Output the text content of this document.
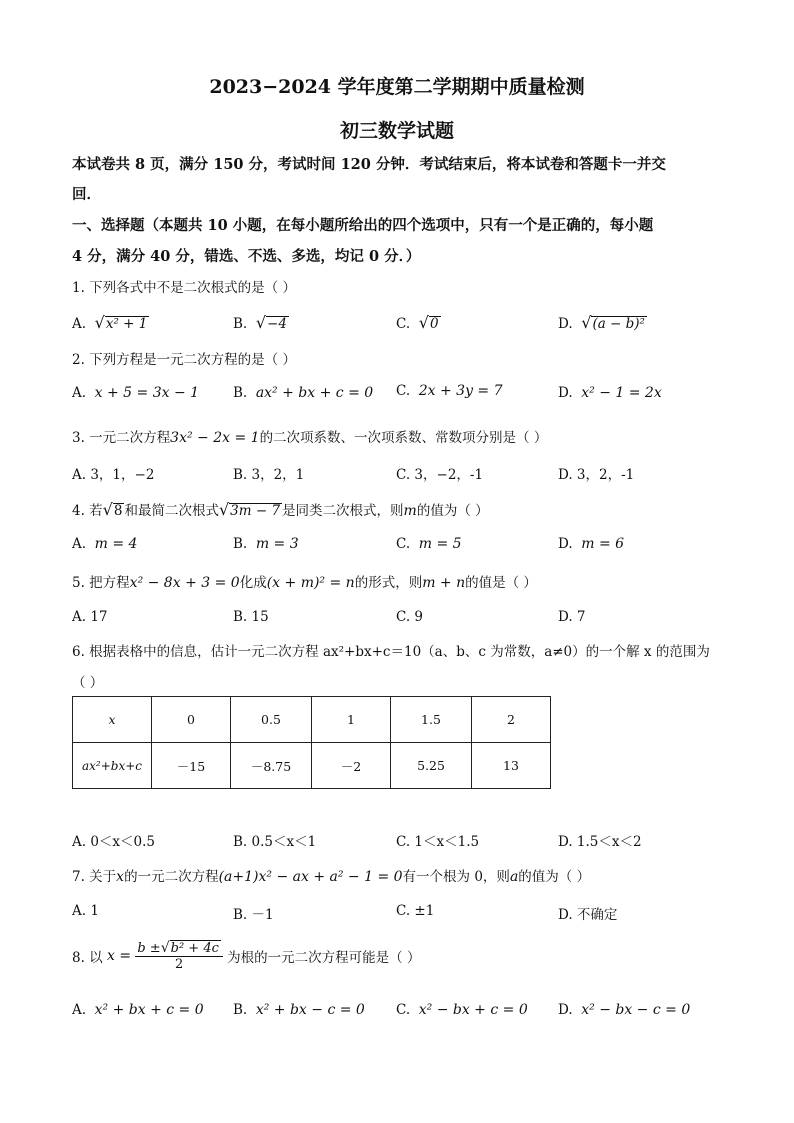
2023−2024 学年度第二学期期中质量检测
初三数学试题
本试卷共 8 页，满分 150 分，考试时间 120 分钟．考试结束后，将本试卷和答题卡一并交
回．
一、选择题（本题共 10 小题，在每小题所给出的四个选项中，只有一个是正确的，每小题
4 分，满分 40 分，错选、不选、多选，均记 0 分．）
1. 下列各式中不是二次根式的是（ ）
A. √x² + 1	B. √−4	C. √0	D. √(a − b)²
2. 下列方程是一元二次方程的是（ ）
A. x + 5 = 3x − 1	B. ax² + bx + c = 0 C. 2x + 3y = 7	D. x² − 1 = 2x
3. 一元二次方程3x² − 2x = 1的二次项系数、一次项系数、常数项分别是（ ）
A. 3，1，−2	B. 3，2，1	C. 3，−2，-1	D. 3，2，-1
4. 若√8 和最简二次根式√3m − 7 是同类二次根式，则m的值为（ ）
A. m = 4	B. m = 3	C. m = 5	D. m = 6
5. 把方程x² − 8x + 3 = 0化成(x + m)² = n的形式，则m + n的值是（ ）
A. 17	B. 15	C. 9	D. 7
6. 根据表格中的信息，估计一元二次方程 ax²+bx+c＝10（a、b、c 为常数，a≠0）的一个解 x 的范围为
（ ）
x	0	0.5	1	1.5	2
ax²+bx+c	－15	－8.75	－2	5.25	13
A. 0＜x＜0.5	B. 0.5＜x＜1	C. 1＜x＜1.5	D. 1.5＜x＜2
7. 关于x的一元二次方程(a+1)x² − ax + a² − 1 = 0有一个根为 0，则a的值为（ ）
A. 1	B. －1	C. ±1	D. 不确定
8. 以 $x = \frac{\text{b ±√b² + 4c}}{2}$ 为根的一元二次方程可能是（ ）
A. x² + bx + c = 0 B. x² + bx − c = 0 C. x² − bx + c = 0 D. x² − bx − c = 0
